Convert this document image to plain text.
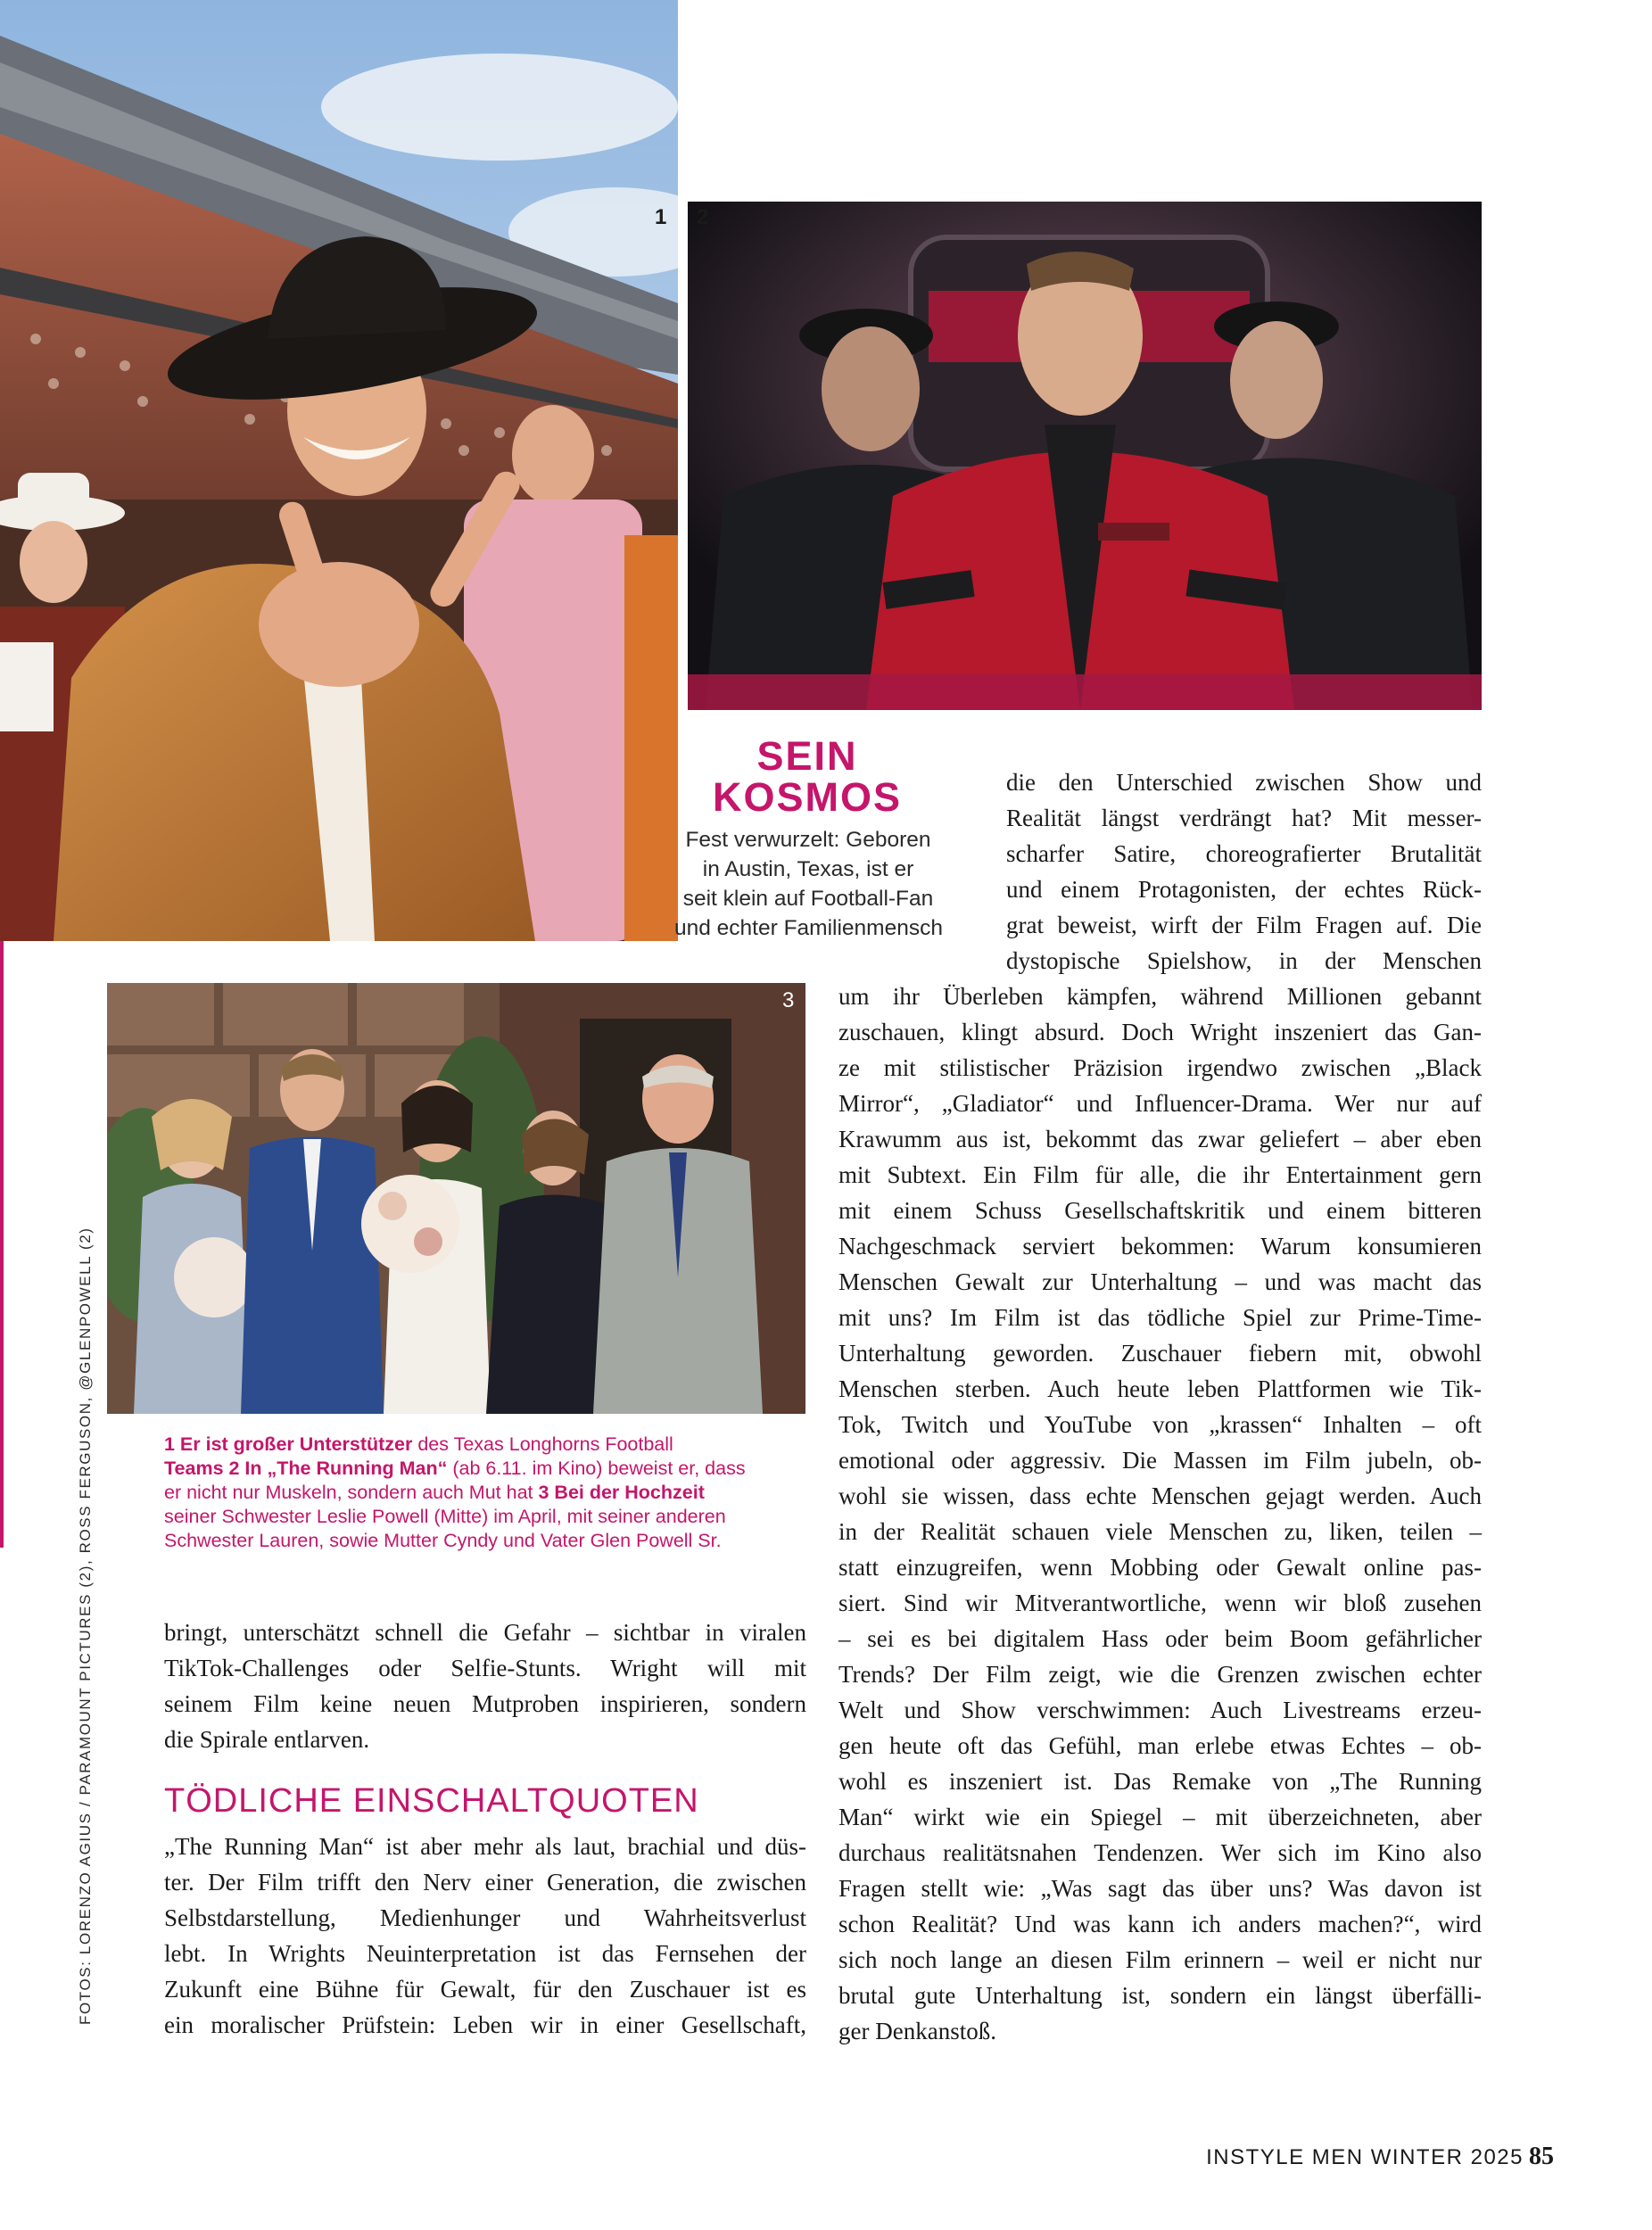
1 2
3
SEIN
KOSMOS
Fest verwurzelt: Geboren
in Austin, Texas, ist er
seit klein auf Football-Fan
und echter Familienmensch
1 Er ist großer Unterstützer des Texas Longhorns Football
Teams 2 In „The Running Man“ (ab 6.11. im Kino) beweist er, dass
er nicht nur Muskeln, sondern auch Mut hat 3 Bei der Hochzeit
seiner Schwester Leslie Powell (Mitte) im April, mit seiner anderen
Schwester Lauren, sowie Mutter Cyndy und Vater Glen Powell Sr.
FOTOS: LORENZO AGIUS / PARAMOUNT PICTURES (2), ROSS FERGUSON, @GLENPOWELL (2)
die den Unterschied zwischen Show und
Realität längst verdrängt hat? Mit messer-
scharfer Satire, choreografierter Brutalität
und einem Protagonisten, der echtes Rück-
grat beweist, wirft der Film Fragen auf. Die
dystopische Spielshow, in der Menschen
um ihr Überleben kämpfen, während Millionen gebannt
zuschauen, klingt absurd. Doch Wright inszeniert das Gan-
ze mit stilistischer Präzision irgendwo zwischen „Black
Mirror“, „Gladiator“ und Influencer-Drama. Wer nur auf
Krawumm aus ist, bekommt das zwar geliefert – aber eben
mit Subtext. Ein Film für alle, die ihr Entertainment gern
mit einem Schuss Gesellschaftskritik und einem bitteren
Nachgeschmack serviert bekommen: Warum konsumieren
Menschen Gewalt zur Unterhaltung – und was macht das
mit uns? Im Film ist das tödliche Spiel zur Prime-Time-
Unterhaltung geworden. Zuschauer fiebern mit, obwohl
Menschen sterben. Auch heute leben Plattformen wie Tik-
Tok, Twitch und YouTube von „krassen“ Inhalten – oft
emotional oder aggressiv. Die Massen im Film jubeln, ob-
wohl sie wissen, dass echte Menschen gejagt werden. Auch
in der Realität schauen viele Menschen zu, liken, teilen –
statt einzugreifen, wenn Mobbing oder Gewalt online pas-
siert. Sind wir Mitverantwortliche, wenn wir bloß zusehen
– sei es bei digitalem Hass oder beim Boom gefährlicher
Trends? Der Film zeigt, wie die Grenzen zwischen echter
Welt und Show verschwimmen: Auch Livestreams erzeu-
gen heute oft das Gefühl, man erlebe etwas Echtes – ob-
wohl es inszeniert ist. Das Remake von „The Running
Man“ wirkt wie ein Spiegel – mit überzeichneten, aber
durchaus realitätsnahen Tendenzen. Wer sich im Kino also
Fragen stellt wie: „Was sagt das über uns? Was davon ist
schon Realität? Und was kann ich anders machen?“, wird
sich noch lange an diesen Film erinnern – weil er nicht nur
brutal gute Unterhaltung ist, sondern ein längst überfälli-
ger Denkanstoß.
bringt, unterschätzt schnell die Gefahr – sichtbar in viralen
TikTok-Challenges oder Selfie-Stunts. Wright will mit
seinem Film keine neuen Mutproben inspirieren, sondern
die Spirale entlarven.
TÖDLICHE EINSCHALTQUOTEN
„The Running Man“ ist aber mehr als laut, brachial und düs-
ter. Der Film trifft den Nerv einer Generation, die zwischen
Selbstdarstellung, Medienhunger und Wahrheitsverlust
lebt. In Wrights Neuinterpretation ist das Fernsehen der
Zukunft eine Bühne für Gewalt, für den Zuschauer ist es
ein moralischer Prüfstein: Leben wir in einer Gesellschaft,
INSTYLE MEN WINTER 2025 85
